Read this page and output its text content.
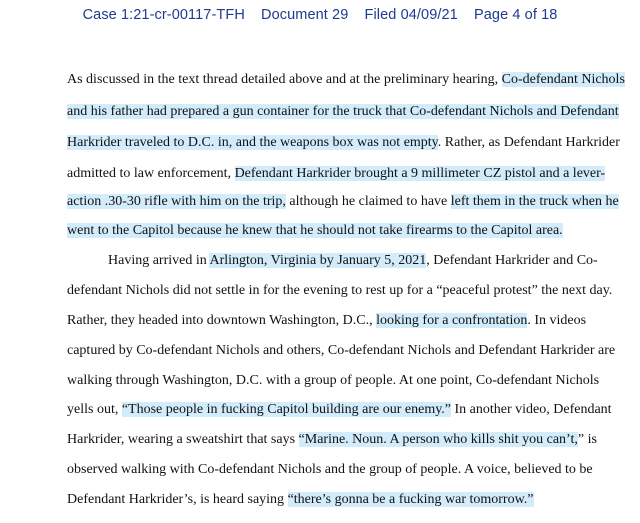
Case 1:21-cr-00117-TFH Document 29 Filed 04/09/21 Page 4 of 18
As discussed in the text thread detailed above and at the preliminary hearing, Co-defendant Nichols
and his father had prepared a gun container for the truck that Co-defendant Nichols and Defendant
Harkrider traveled to D.C. in, and the weapons box was not empty. Rather, as Defendant Harkrider
admitted to law enforcement, Defendant Harkrider brought a 9 millimeter CZ pistol and a lever-
action .30-30 rifle with him on the trip, although he claimed to have left them in the truck when he
went to the Capitol because he knew that he should not take firearms to the Capitol area.
Having arrived in Arlington, Virginia by January 5, 2021, Defendant Harkrider and Co-
defendant Nichols did not settle in for the evening to rest up for a “peaceful protest” the next day.
Rather, they headed into downtown Washington, D.C., looking for a confrontation. In videos
captured by Co-defendant Nichols and others, Co-defendant Nichols and Defendant Harkrider are
walking through Washington, D.C. with a group of people. At one point, Co-defendant Nichols
yells out, “Those people in fucking Capitol building are our enemy.” In another video, Defendant
Harkrider, wearing a sweatshirt that says “Marine. Noun. A person who kills shit you can’t,” is
observed walking with Co-defendant Nichols and the group of people. A voice, believed to be
Defendant Harkrider’s, is heard saying “there’s gonna be a fucking war tomorrow.”
